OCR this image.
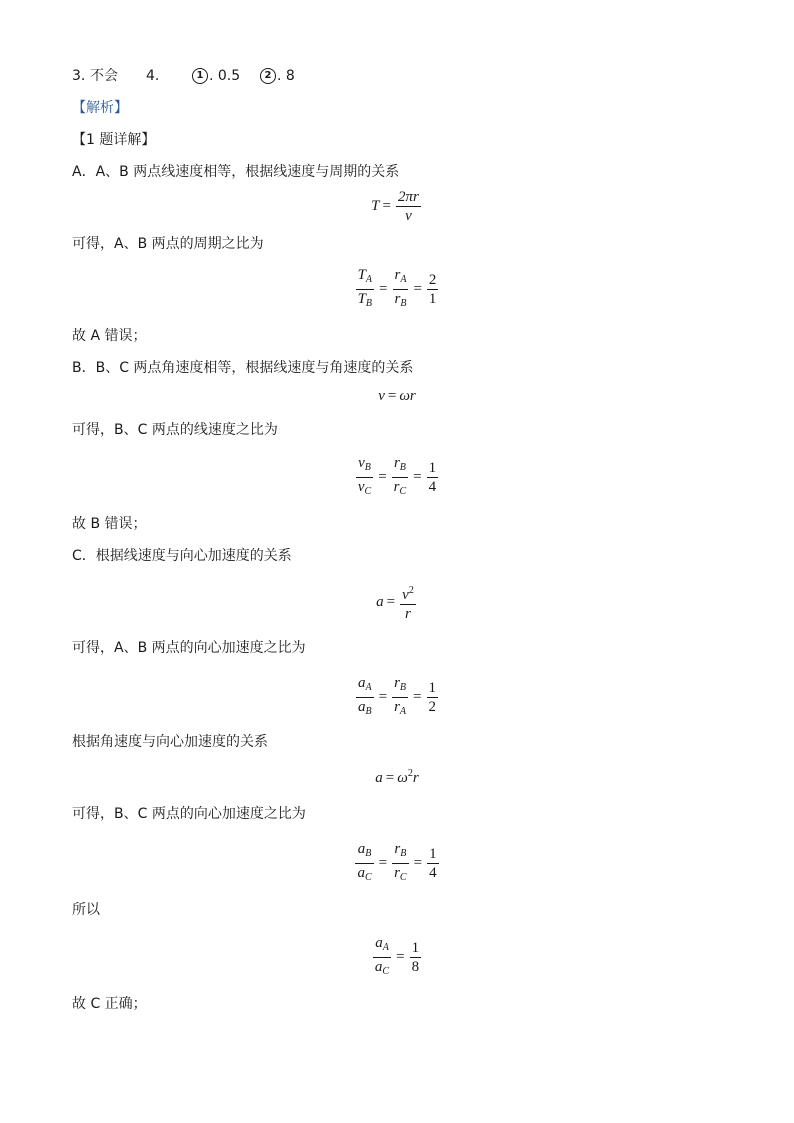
3. 不会 4.	1 . 0.5	2 . 8
【解析】
【1 题详解】
A．A、B 两点线速度相等，根据线速度与周期的关系
$T = \frac{2\pi r}{v}$
可得，A、B 两点的周期之比为
$\frac{T_A}{T_B} = \frac{r_A}{r_B} = \frac{2}{1}$
故 A 错误；
B．B、C 两点角速度相等，根据线速度与角速度的关系
v = ωr
可得，B、C 两点的线速度之比为
$\frac{v_B}{v_C} = \frac{r_B}{r_C} = \frac{1}{4}$
故 B 错误；
C．根据线速度与向心加速度的关系
$a = \frac{v^2}{r}$
可得，A、B 两点的向心加速度之比为
$\frac{a_A}{a_B} = \frac{r_B}{r_A} = \frac{1}{2}$
根据角速度与向心加速度的关系
$a = \omega^2r$
可得，B、C 两点的向心加速度之比为
$\frac{a_B}{a_C} = \frac{r_B}{r_C} = \frac{1}{4}$
所以
$\frac{a_A}{a_C} = \frac{1}{8}$
故 C 正确；
